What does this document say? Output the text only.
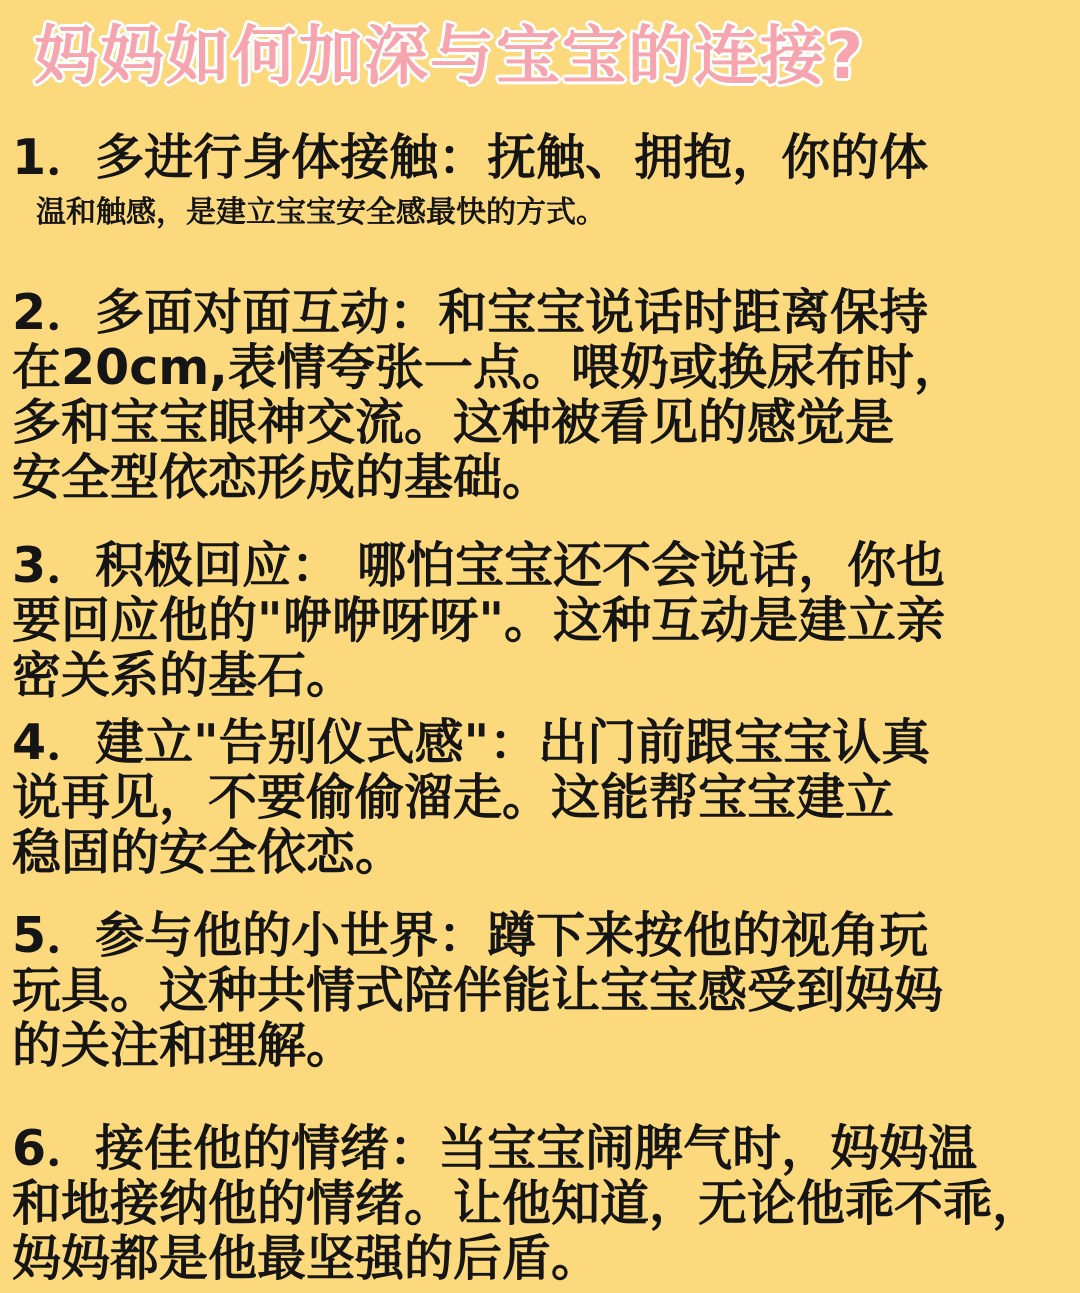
妈妈如何加深与宝宝的连接?
1．多进行身体接触：抚触、拥抱，你的体
温和触感，是建立宝宝安全感最快的方式。
2．多面对面互动：和宝宝说话时距离保持
在20cm,表情夸张一点。喂奶或换尿布时，
多和宝宝眼神交流。这种被看见的感觉是
安全型依恋形成的基础。
3．积极回应： 哪怕宝宝还不会说话，你也
要回应他的"咿咿呀呀"。这种互动是建立亲
密关系的基石。
4．建立"告别仪式感"：出门前跟宝宝认真
说再见，不要偷偷溜走。这能帮宝宝建立
稳固的安全依恋。
5．参与他的小世界：蹲下来按他的视角玩
玩具。这种共情式陪伴能让宝宝感受到妈妈
的关注和理解。
6．接佳他的情绪：当宝宝闹脾气时，妈妈温
和地接纳他的情绪。让他知道，无论他乖不乖，
妈妈都是他最坚强的后盾。
